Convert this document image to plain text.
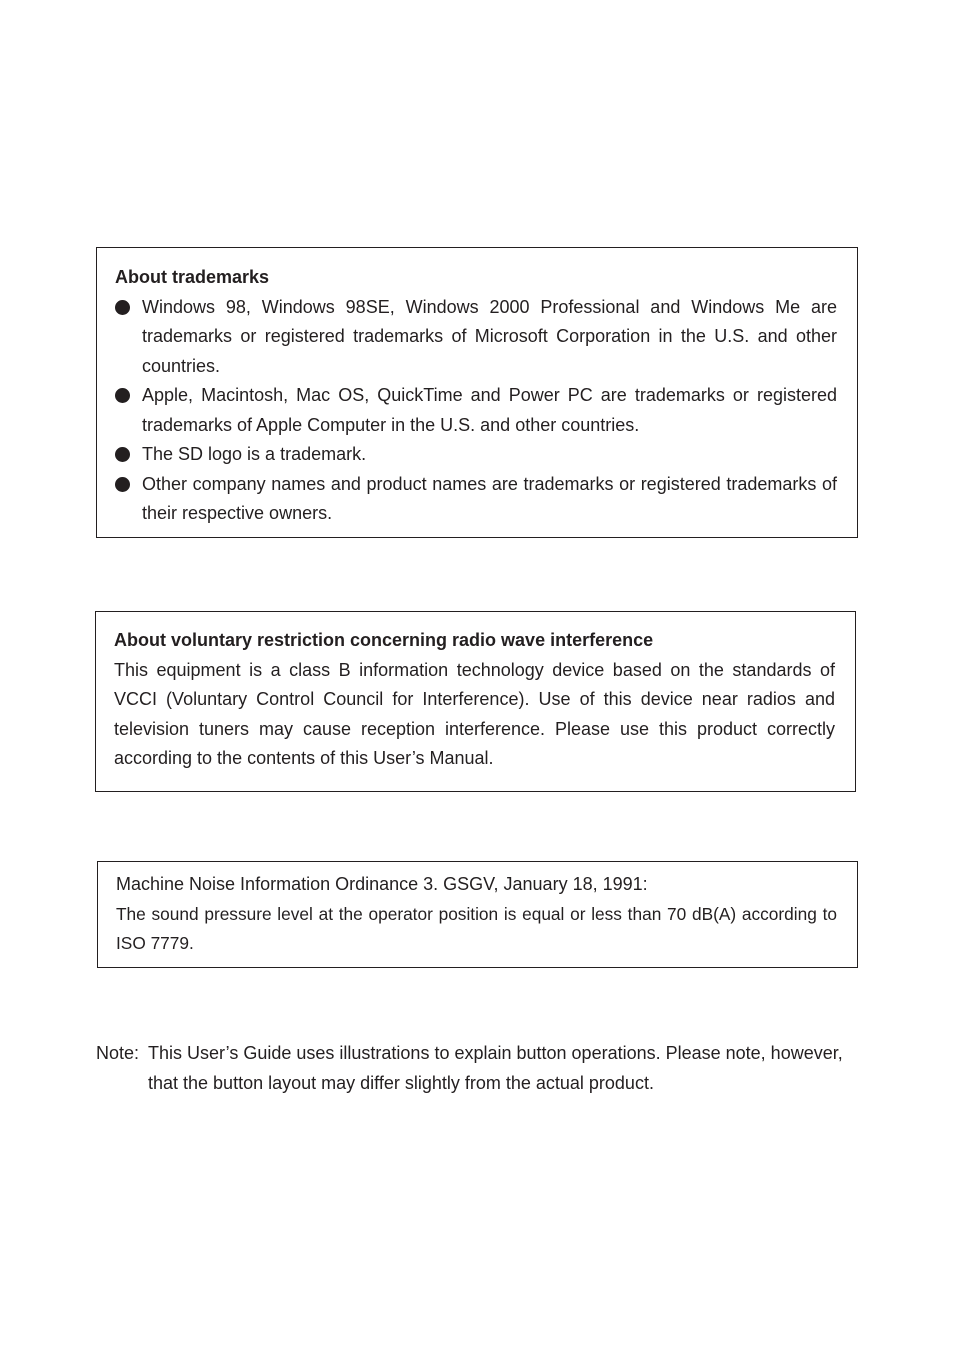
About trademarks

Windows 98, Windows 98SE, Windows 2000 Professional and Windows Me are trademarks or registered trademarks of Microsoft Corporation in the U.S. and other countries.
Apple, Macintosh, Mac OS, QuickTime and Power PC are trademarks or registered trademarks of Apple Computer in the U.S. and other countries.
The SD logo is a trademark.
Other company names and product names are trademarks or registered trademarks of their respective owners.

About voluntary restriction concerning radio wave interference

This equipment is a class B information technology device based on the standards of VCCI (Voluntary Control Council for Interference). Use of this device near radios and television tuners may cause reception interference. Please use this product correctly according to the contents of this User’s Manual.

Machine Noise Information Ordinance 3. GSGV, January 18, 1991:

The sound pressure level at the operator position is equal or less than 70 dB(A) according to ISO 7779.

Note: This User’s Guide uses illustrations to explain button operations. Please note, however, that the button layout may differ slightly from the actual product.
